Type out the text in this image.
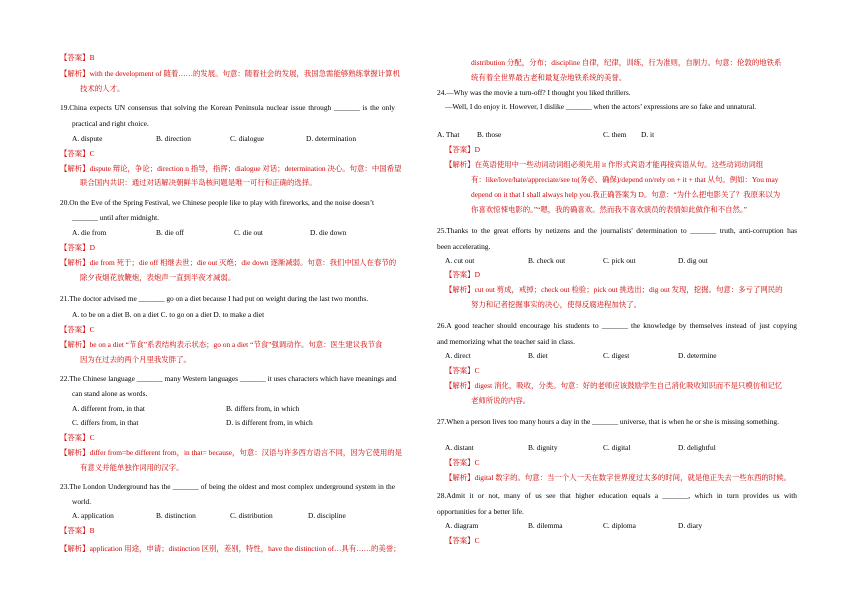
【答案】B
【解析】with the development of 随着……的发展。句意：随着社会的发展，我国急需能够熟练掌握计算机
技术的人才。
19.China expects UN consensus that solving the Korean Peninsula nuclear issue through _______ is the only
practical and right choice.
A. dispute	B. direction	C. dialogue	D. determination
【答案】C
【解析】dispute 辩论，争论；direction n 指导，指挥；dialogue 对话；determination 决心。句意：中国希望
联合国内共识：通过对话解决朝鲜半岛核问题是唯一可行和正确的选择。
20.On the Eve of the Spring Festival, we Chinese people like to play with fireworks, and the noise doesn’t
_______ until after midnight.
A. die from	B. die off	C. die out	D. die down
【答案】D
【解析】die from 死于；die off 相继去世；die out 灭绝；die down 逐渐减弱。句意：我们中国人在春节的
除夕夜烟花放鞭炮，表炮声一直到半夜才减弱。
21.The doctor advised me _______ go on a diet because I had put on weight during the last two months.
A. to be on a diet B. on a diet C. to go on a diet D. to make a diet
【答案】C
【解析】be on a diet “节食”系表结构表示状态；go on a diet “节食”强调动作。句意：医生建议我节食
因为在过去的两个月里我发胖了。
22.The Chinese language _______ many Western languages _______ it uses characters which have meanings and
can stand alone as words.
A. different from, in that	B. differs from, in which
C. differs from, in that	D. is different from, in which
【答案】C
【解析】differ from=be different from，in that= because，句意：汉语与许多西方语言不同，因为它使用的是
有意义并能单独作词用的汉字。
23.The London Underground has the _______ of being the oldest and most complex underground system in the
world.
A. application	B. distinction	C. distribution	D. discipline
【答案】B
【解析】application 用途，申请；distinction 区别，差别，特性，have the distinction of…具有……的美誉；
distribution 分配，分布；discipline 自律，纪律，训练，行为准则，自制力。句意：伦敦的地铁系
统有着全世界最古老和最复杂地铁系统的美誉。
24.—Why was the movie a turn-off? I thought you liked thrillers.
—Well, I do enjoy it. However, I dislike _______ when the actors’ expressions are so fake and unnatural.
A. That B. those	C. them D. it
【答案】D
【解析】在英语使用中一些动词动词组必须先用 it 作形式宾语才能再接宾语从句。这些动词动词组
有：like/love/hate/appreciate/see to(务必、确保)/depend on/rely on + it + that 从句。例如：You may
depend on it that I shall always help you.我正确答案为 D。句意：“为什么把电影关了？我原来以为
你喜欢惊悚电影的。”“嗯，我的确喜欢。然而我不喜欢演员的表情如此做作和不自然。”
25.Thanks to the great efforts by netizens and the journalists' determination to _______ truth, anti-corruption has
been accelerating.
A. cut out	B. check out	C. pick out	D. dig out
【答案】D
【解析】cut out 剪成，戒掉；check out 检验；pick out 挑选出；dig out 发现，挖掘。句意：多亏了网民的
努力和记者挖掘事实的决心，使得反腐进程加快了。
26.A good teacher should encourage his students to _______ the knowledge by themselves instead of just copying
and memorizing what the teacher said in class.
A. direct	B. diet	C. digest	D. determine
【答案】C
【解析】digest 消化，吸收，分类。句意：好的老师应该鼓励学生自己消化吸收知识而不是只模仿和记忆
老师所说的内容。
27.When a person lives too many hours a day in the _______ universe, that is when he or she is missing something.
A. distant	B. dignity	C. digital	D. delightful
【答案】C
【解析】digital 数字的。句意：当一个人一天在数字世界度过太多的时间，就是他正失去一些东西的时候。
28.Admit it or not, many of us see that higher education equals a _______, which in turn provides us with
opportunities for a better life.
A. diagram	B. dilemma	C. diploma	D. diary
【答案】C
